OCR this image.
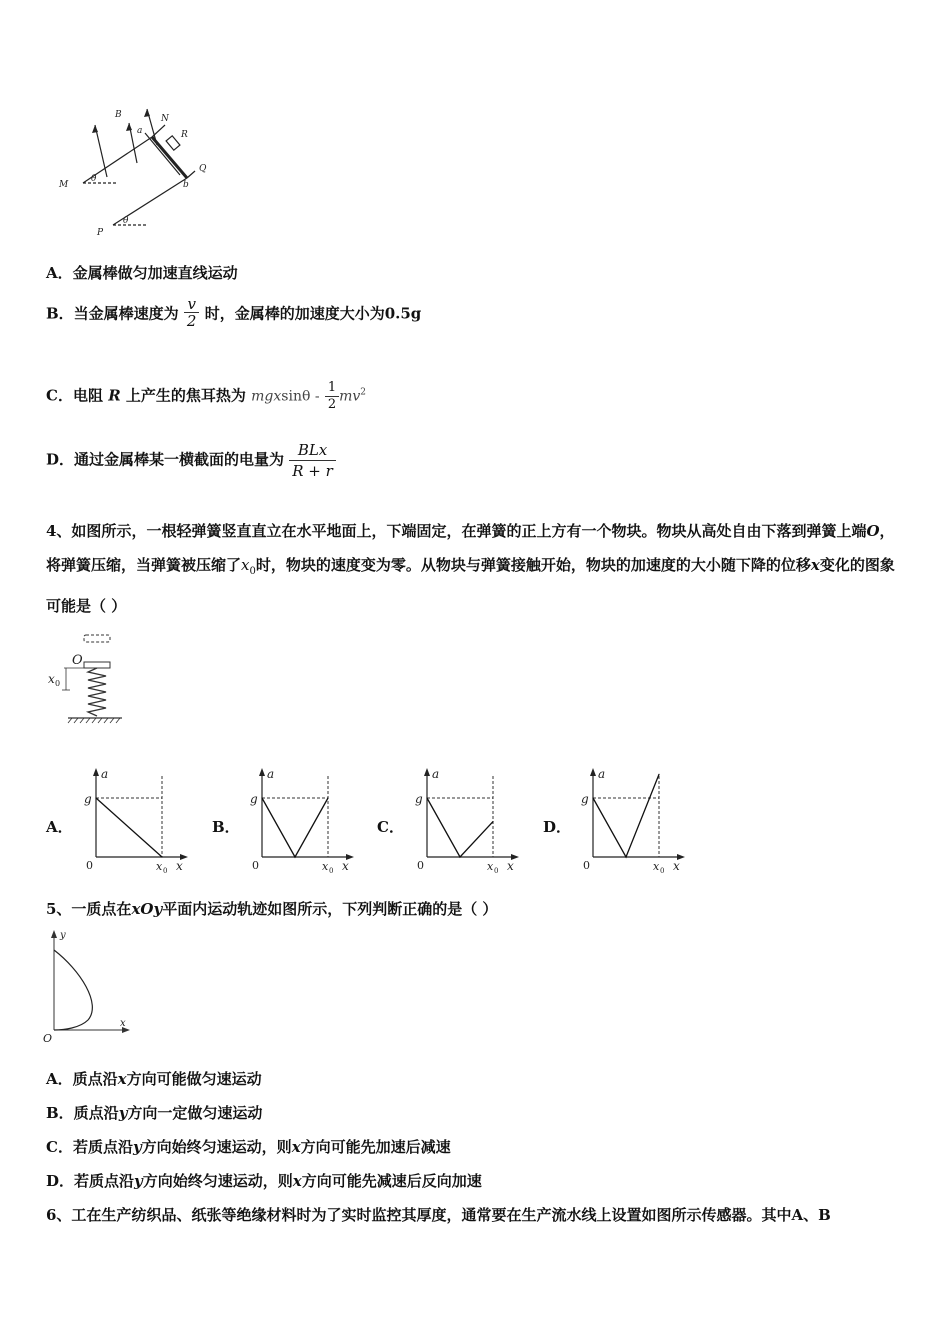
B
a
N
R
Q
M
θ
b
P
θ
A．金属棒做匀加速直线运动
B．当金属棒速度为 $\frac{v}{2}$ 时，金属棒的加速度大小为0.5g
C．电阻 R 上产生的焦耳热为 mgxsinθ - $\frac{1}{2} mv^2$
D．通过金属棒某一横截面的电量为 $\frac{\text{BLx}}{R + r}$
4、如图所示，一根轻弹簧竖直直立在水平地面上，下端固定，在弹簧的正上方有一个物块。物块从高处自由下落到弹簧上端O，将弹簧压缩，当弹簧被压缩了$x_0$时，物块的速度变为零。从物块与弹簧接触开始，物块的加速度的大小随下降的位移x变化的图象可能是（ ）
O
x 0
A．	B．	C．	D．
a
g
0	x 0 x
a
g
0	x 0 x
a
g
0	x 0 x
a
g
0	x 0 x
5、一质点在xOy平面内运动轨迹如图所示，下列判断正确的是（ ）
y
x
O
A．质点沿x方向可能做匀速运动
B．质点沿y方向一定做匀速运动
C．若质点沿y方向始终匀速运动，则x方向可能先加速后减速
D．若质点沿y方向始终匀速运动，则x方向可能先减速后反向加速
6、工在生产纺织品、纸张等绝缘材料时为了实时监控其厚度，通常要在生产流水线上设置如图所示传感器。其中A、B
